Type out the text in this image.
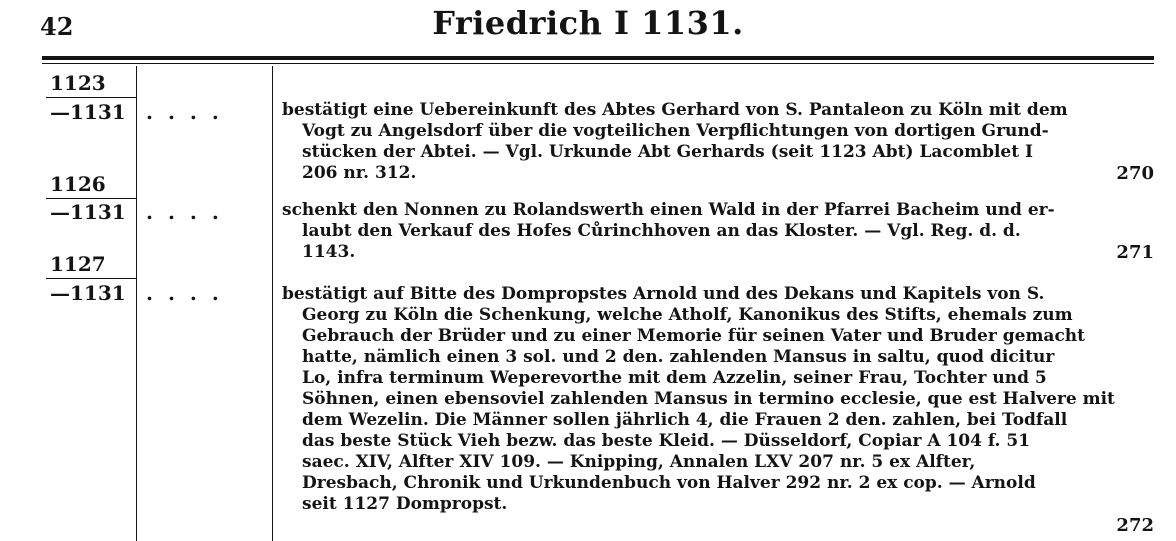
42	Friedrich I 1131.
1123
—1131 ....	bestätigt eine Uebereinkunft des Abtes Gerhard von S. Pantaleon zu Köln mit dem
Vogt zu Angelsdorf über die vogteilichen Verpflichtungen von dortigen Grund-
stücken der Abtei. — Vgl. Urkunde Abt Gerhards (seit 1123 Abt) Lacomblet I
206 nr. 312.	270
1126
—1131 ....	schenkt den Nonnen zu Rolandswerth einen Wald in der Pfarrei Bacheim und er-
laubt den Verkauf des Hofes Cůrinchhoven an das Kloster. — Vgl. Reg. d. d.
1143.	271
1127
—1131 ....	bestätigt auf Bitte des Dompropstes Arnold und des Dekans und Kapitels von S.
Georg zu Köln die Schenkung, welche Atholf, Kanonikus des Stifts, ehemals zum
Gebrauch der Brüder und zu einer Memorie für seinen Vater und Bruder gemacht
hatte, nämlich einen 3 sol. und 2 den. zahlenden Mansus in saltu, quod dicitur
Lo, infra terminum Weperevorthe mit dem Azzelin, seiner Frau, Tochter und 5
Söhnen, einen ebensoviel zahlenden Mansus in termino ecclesie, que est Halvere mit
dem Wezelin. Die Männer sollen jährlich 4, die Frauen 2 den. zahlen, bei Todfall
das beste Stück Vieh bezw. das beste Kleid. — Düsseldorf, Copiar A 104 f. 51
saec. XIV, Alfter XIV 109. — Knipping, Annalen LXV 207 nr. 5 ex Alfter,
Dresbach, Chronik und Urkundenbuch von Halver 292 nr. 2 ex cop. — Arnold
seit 1127 Dompropst.
272
